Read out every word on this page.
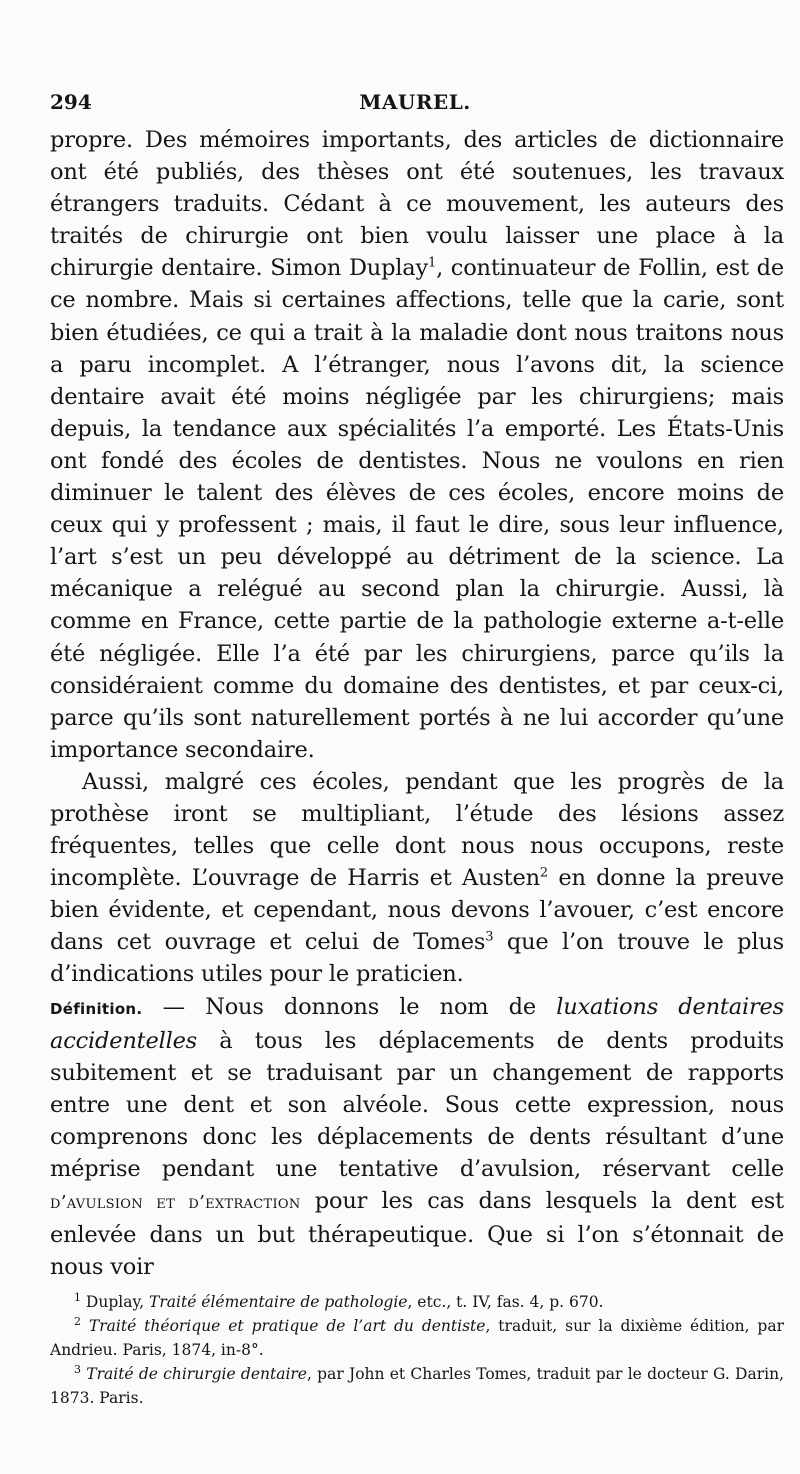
294	MAUREL.

propre. Des mémoires importants, des articles de dictionnaire ont été publiés, des thèses ont été soutenues, les travaux étrangers traduits. Cédant à ce mouvement, les auteurs des traités de chirurgie ont bien voulu laisser une place à la chirurgie dentaire. Simon Duplay$^1$, continuateur de Follin, est de ce nombre. Mais si certaines affections, telle que la carie, sont bien étudiées, ce qui a trait à la maladie dont nous traitons nous a paru incomplet. A l’étranger, nous l’avons dit, la science dentaire avait été moins négligée par les chirurgiens; mais depuis, la tendance aux spécialités l’a emporté. Les États-Unis ont fondé des écoles de dentistes. Nous ne voulons en rien diminuer le talent des élèves de ces écoles, encore moins de ceux qui y professent ; mais, il faut le dire, sous leur influence, l’art s’est un peu développé au détriment de la science. La mécanique a relégué au second plan la chirurgie. Aussi, là comme en France, cette partie de la pathologie externe a-t-elle été négligée. Elle l’a été par les chirurgiens, parce qu’ils la considéraient comme du domaine des dentistes, et par ceux-ci, parce qu’ils sont naturellement portés à ne lui accorder qu’une importance secondaire.

Aussi, malgré ces écoles, pendant que les progrès de la prothèse iront se multipliant, l’étude des lésions assez fréquentes, telles que celle dont nous nous occupons, reste incomplète. L’ouvrage de Harris et Austen$^2$ en donne la preuve bien évidente, et cependant, nous devons l’avouer, c’est encore dans cet ouvrage et celui de Tomes$^3$ que l’on trouve le plus d’indications utiles pour le praticien.

Définition. — Nous donnons le nom de luxations dentaires accidentelles à tous les déplacements de dents produits subitement et se traduisant par un changement de rapports entre une dent et son alvéole. Sous cette expression, nous comprenons donc les déplacements de dents résultant d’une méprise pendant une tentative d’avulsion, réservant celle d’avulsion et d’extraction pour les cas dans lesquels la dent est enlevée dans un but thérapeutique. Que si l’on s’étonnait de nous voir

$^1$ Duplay, Traité élémentaire de pathologie, etc., t. IV, fas. 4, p. 670.

$^2$ Traité théorique et pratique de l’art du dentiste, traduit, sur la dixième édition, par Andrieu. Paris, 1874, in-8°.

$^3$ Traité de chirurgie dentaire, par John et Charles Tomes, traduit par le docteur G. Darin, 1873. Paris.
